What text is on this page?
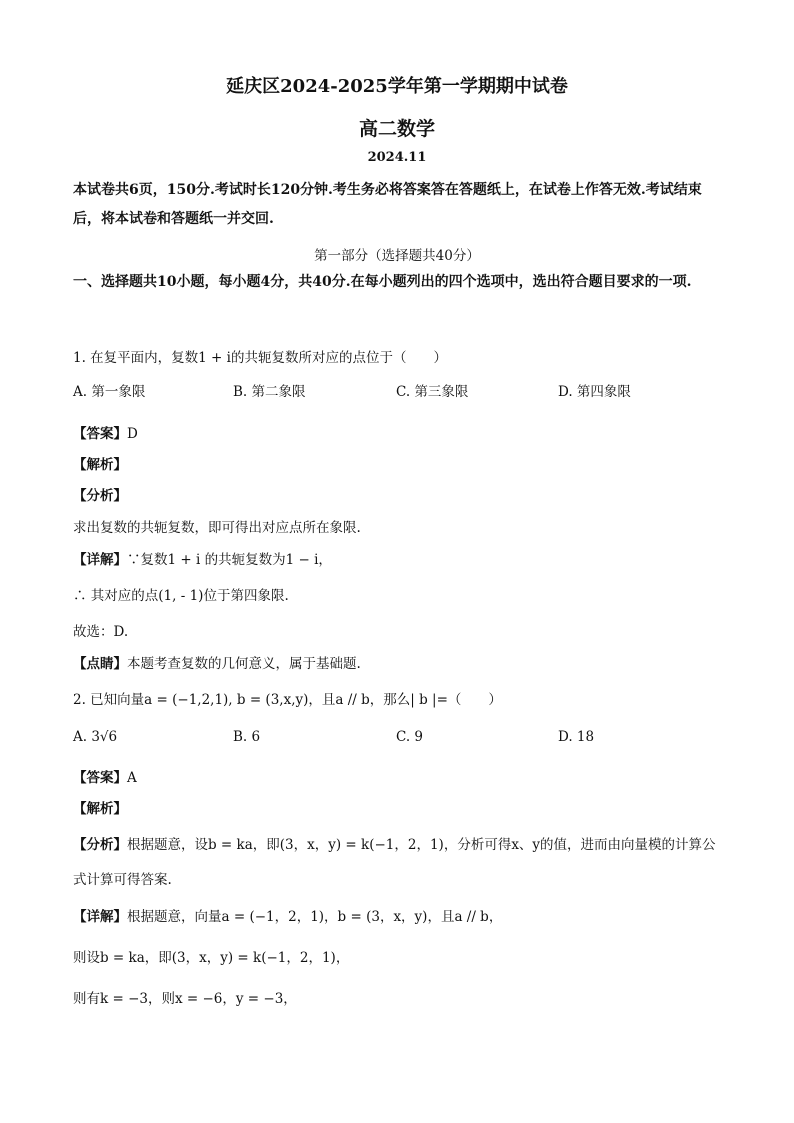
延庆区2024-2025学年第一学期期中试卷
高二数学
2024.11
本试卷共6页，150分.考试时长120分钟.考生务必将答案答在答题纸上，在试卷上作答无效.考试结束后，将本试卷和答题纸一并交回.
第一部分（选择题共40分）
一、选择题共10小题，每小题4分，共40分.在每小题列出的四个选项中，选出符合题目要求的一项.
1. 在复平面内，复数1 + i的共轭复数所对应的点位于（　　）
A. 第一象限	B. 第二象限	C. 第三象限	D. 第四象限
【答案】D
【解析】
【分析】
求出复数的共轭复数，即可得出对应点所在象限.
【详解】∵复数1 + i 的共轭复数为1 − i，
∴ 其对应的点(1, - 1)位于第四象限.
故选：D.
【点睛】本题考查复数的几何意义，属于基础题.
2. 已知向量a = (−1,2,1), b = (3,x,y)，且a // b，那么| b |=（　　）
A. 3√6	B. 6	C. 9	D. 18
【答案】A
【解析】
【分析】根据题意，设b = ka，即(3，x，y) = k(−1，2，1)，分析可得x、y的值，进而由向量模的计算公
式计算可得答案.
【详解】根据题意，向量a = (−1，2，1)，b = (3，x，y)，且a // b，
则设b = ka，即(3，x，y) = k(−1，2，1)，
则有k = −3，则x = −6，y = −3，
